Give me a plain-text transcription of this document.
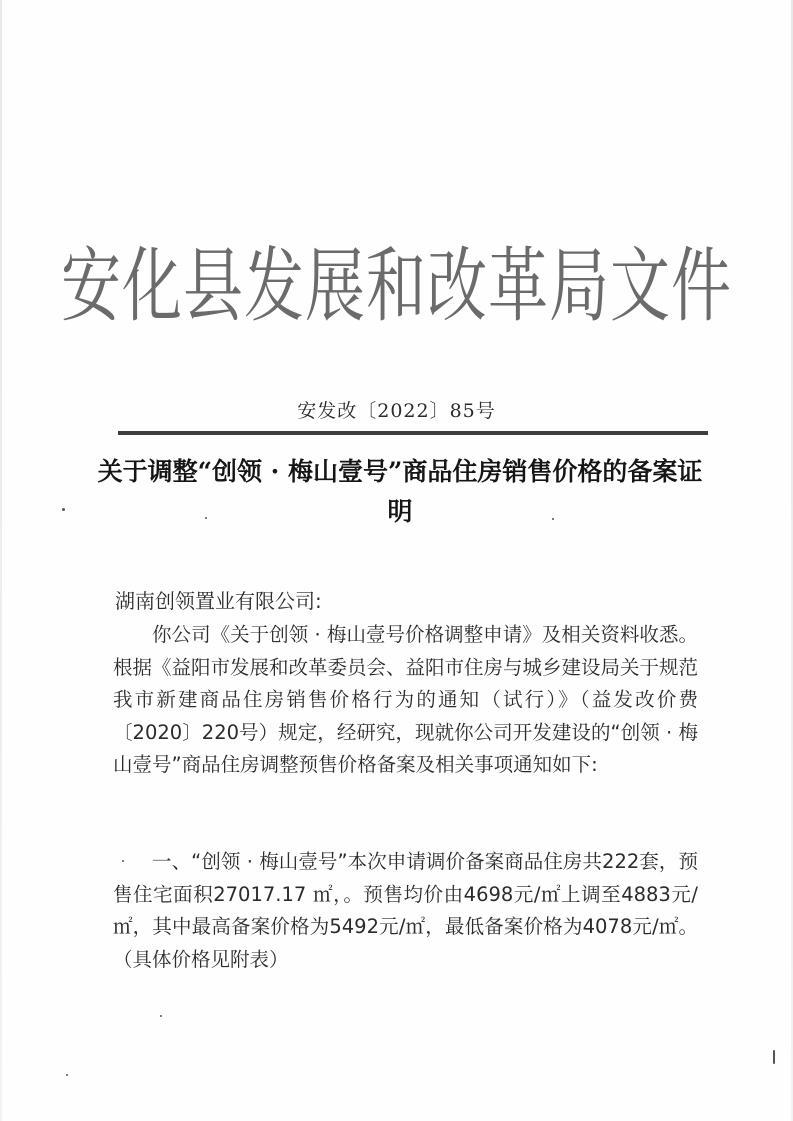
安化县发展和改革局文件
安发改〔2022〕85号
关于调整“创领 · 梅山壹号”商品住房销售价格的备案证明
湖南创领置业有限公司:

你公司《关于创领 · 梅山壹号价格调整申请》及相关资料收悉。根据《益阳市发展和改革委员会、益阳市住房与城乡建设局关于规范我市新建商品住房销售价格行为的通知（试行）》（益发改价费〔2020〕220号）规定，经研究，现就你公司开发建设的“创领 · 梅山壹号”商品住房调整预售价格备案及相关事项通知如下:

一、“创领 · 梅山壹号”本次申请调价备案商品住房共222套，预售住宅面积27017.17 ㎡，。预售均价由4698元/㎡上调至4883元/㎡，其中最高备案价格为5492元/㎡，最低备案价格为4078元/㎡。（具体价格见附表）
